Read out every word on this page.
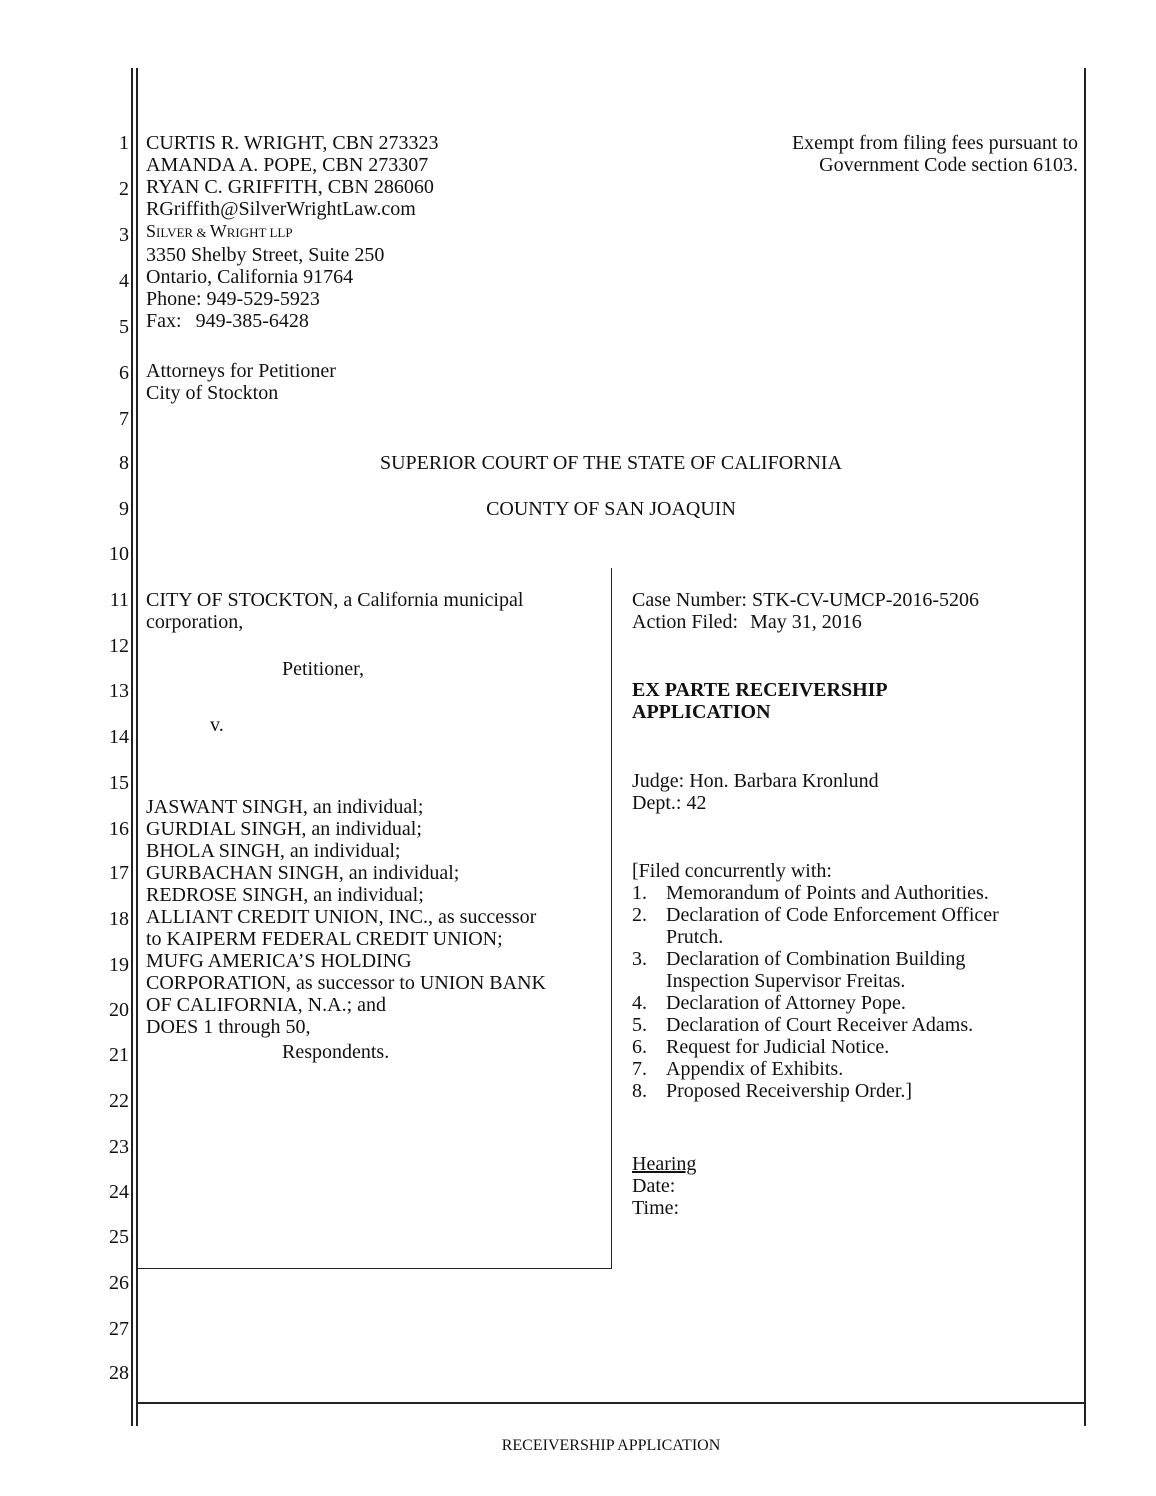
1
2
3
4
5
6
7
8
9
10
11
12
13
14
15
16
17
18
19
20
21
22
23
24
25
26
27
28
CURTIS R. WRIGHT, CBN 273323
AMANDA A. POPE, CBN 273307
RYAN C. GRIFFITH, CBN 286060
RGriffith@SilverWrightLaw.com
SILVER & WRIGHT LLP
3350 Shelby Street, Suite 250
Ontario, California 91764
Phone: 949-529-5923
Fax: 949-385-6428
Attorneys for Petitioner
City of Stockton
Exempt from filing fees pursuant to
Government Code section 6103.
SUPERIOR COURT OF THE STATE OF CALIFORNIA
COUNTY OF SAN JOAQUIN
CITY OF STOCKTON, a California municipal
corporation,
Petitioner,
v.
JASWANT SINGH, an individual;
GURDIAL SINGH, an individual;
BHOLA SINGH, an individual;
GURBACHAN SINGH, an individual;
REDROSE SINGH, an individual;
ALLIANT CREDIT UNION, INC., as successor
to KAIPERM FEDERAL CREDIT UNION;
MUFG AMERICA’S HOLDING
CORPORATION, as successor to UNION BANK
OF CALIFORNIA, N.A.; and
DOES 1 through 50,
Respondents.
Case Number: STK-CV-UMCP-2016-5206
Action Filed: May 31, 2016
EX PARTE RECEIVERSHIP
APPLICATION
Judge: Hon. Barbara Kronlund
Dept.: 42
[Filed concurrently with:
1. Memorandum of Points and Authorities.
2. Declaration of Code Enforcement Officer
Prutch.
3. Declaration of Combination Building
Inspection Supervisor Freitas.
4. Declaration of Attorney Pope.
5. Declaration of Court Receiver Adams.
6. Request for Judicial Notice.
7. Appendix of Exhibits.
8. Proposed Receivership Order.]
Hearing
Date:
Time:
RECEIVERSHIP APPLICATION
